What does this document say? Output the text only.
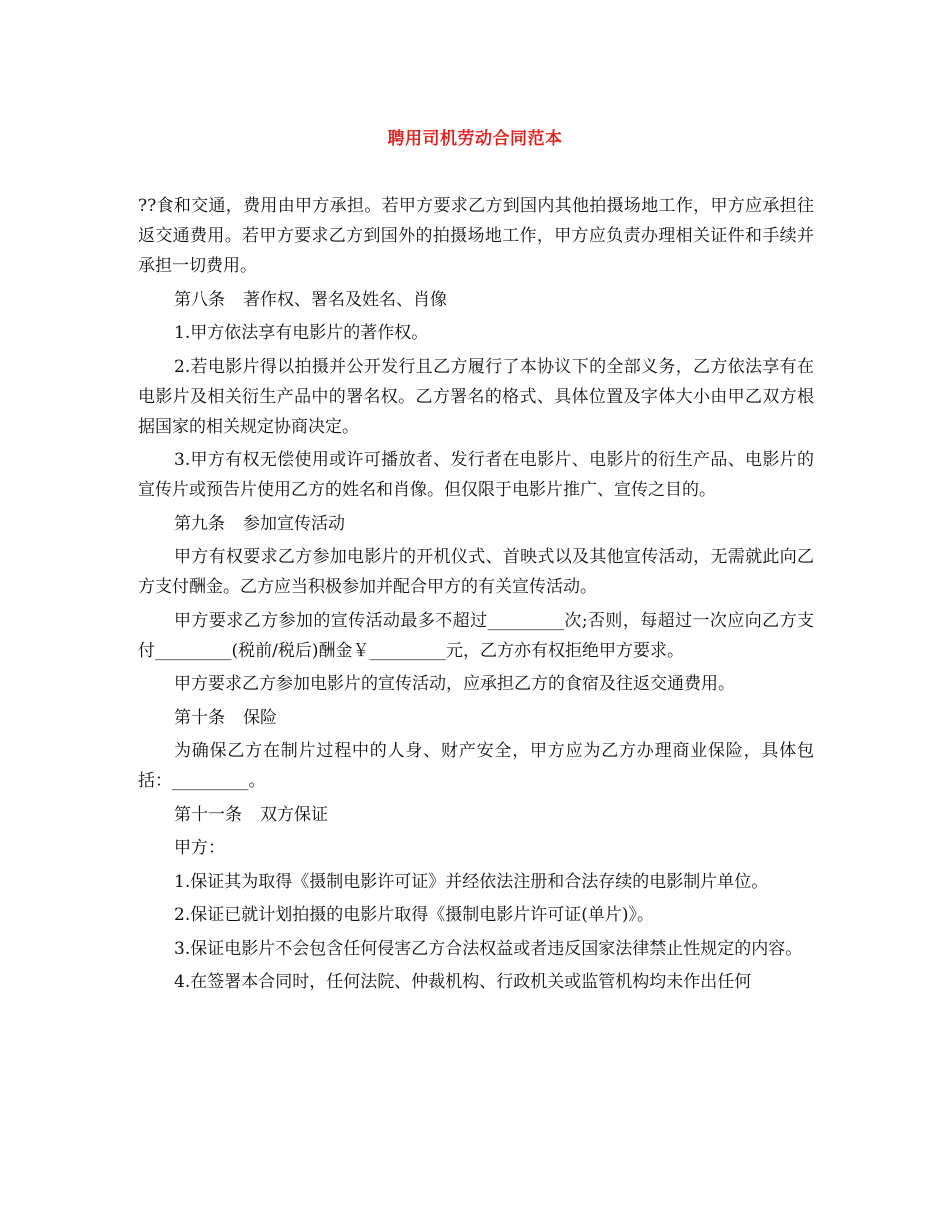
聘用司机劳动合同范本

??食和交通，费用由甲方承担。若甲方要求乙方到国内其他拍摄场地工作，甲方应承担往返交通费用。若甲方要求乙方到国外的拍摄场地工作，甲方应负责办理相关证件和手续并承担一切费用。

第八条 著作权、署名及姓名、肖像

1.甲方依法享有电影片的著作权。

2.若电影片得以拍摄并公开发行且乙方履行了本协议下的全部义务，乙方依法享有在电影片及相关衍生产品中的署名权。乙方署名的格式、具体位置及字体大小由甲乙双方根据国家的相关规定协商决定。

3.甲方有权无偿使用或许可播放者、发行者在电影片、电影片的衍生产品、电影片的宣传片或预告片使用乙方的姓名和肖像。但仅限于电影片推广、宣传之目的。

第九条 参加宣传活动

甲方有权要求乙方参加电影片的开机仪式、首映式以及其他宣传活动，无需就此向乙方支付酬金。乙方应当积极参加并配合甲方的有关宣传活动。

甲方要求乙方参加的宣传活动最多不超过_________次;否则，每超过一次应向乙方支付_________(税前/税后)酬金￥_________元，乙方亦有权拒绝甲方要求。

甲方要求乙方参加电影片的宣传活动，应承担乙方的食宿及往返交通费用。

第十条 保险

为确保乙方在制片过程中的人身、财产安全，甲方应为乙方办理商业保险，具体包括：_________。

第十一条 双方保证

甲方：

1.保证其为取得《摄制电影许可证》并经依法注册和合法存续的电影制片单位。

2.保证已就计划拍摄的电影片取得《摄制电影片许可证(单片)》。

3.保证电影片不会包含任何侵害乙方合法权益或者违反国家法律禁止性规定的内容。

4.在签署本合同时，任何法院、仲裁机构、行政机关或监管机构均未作出任何
